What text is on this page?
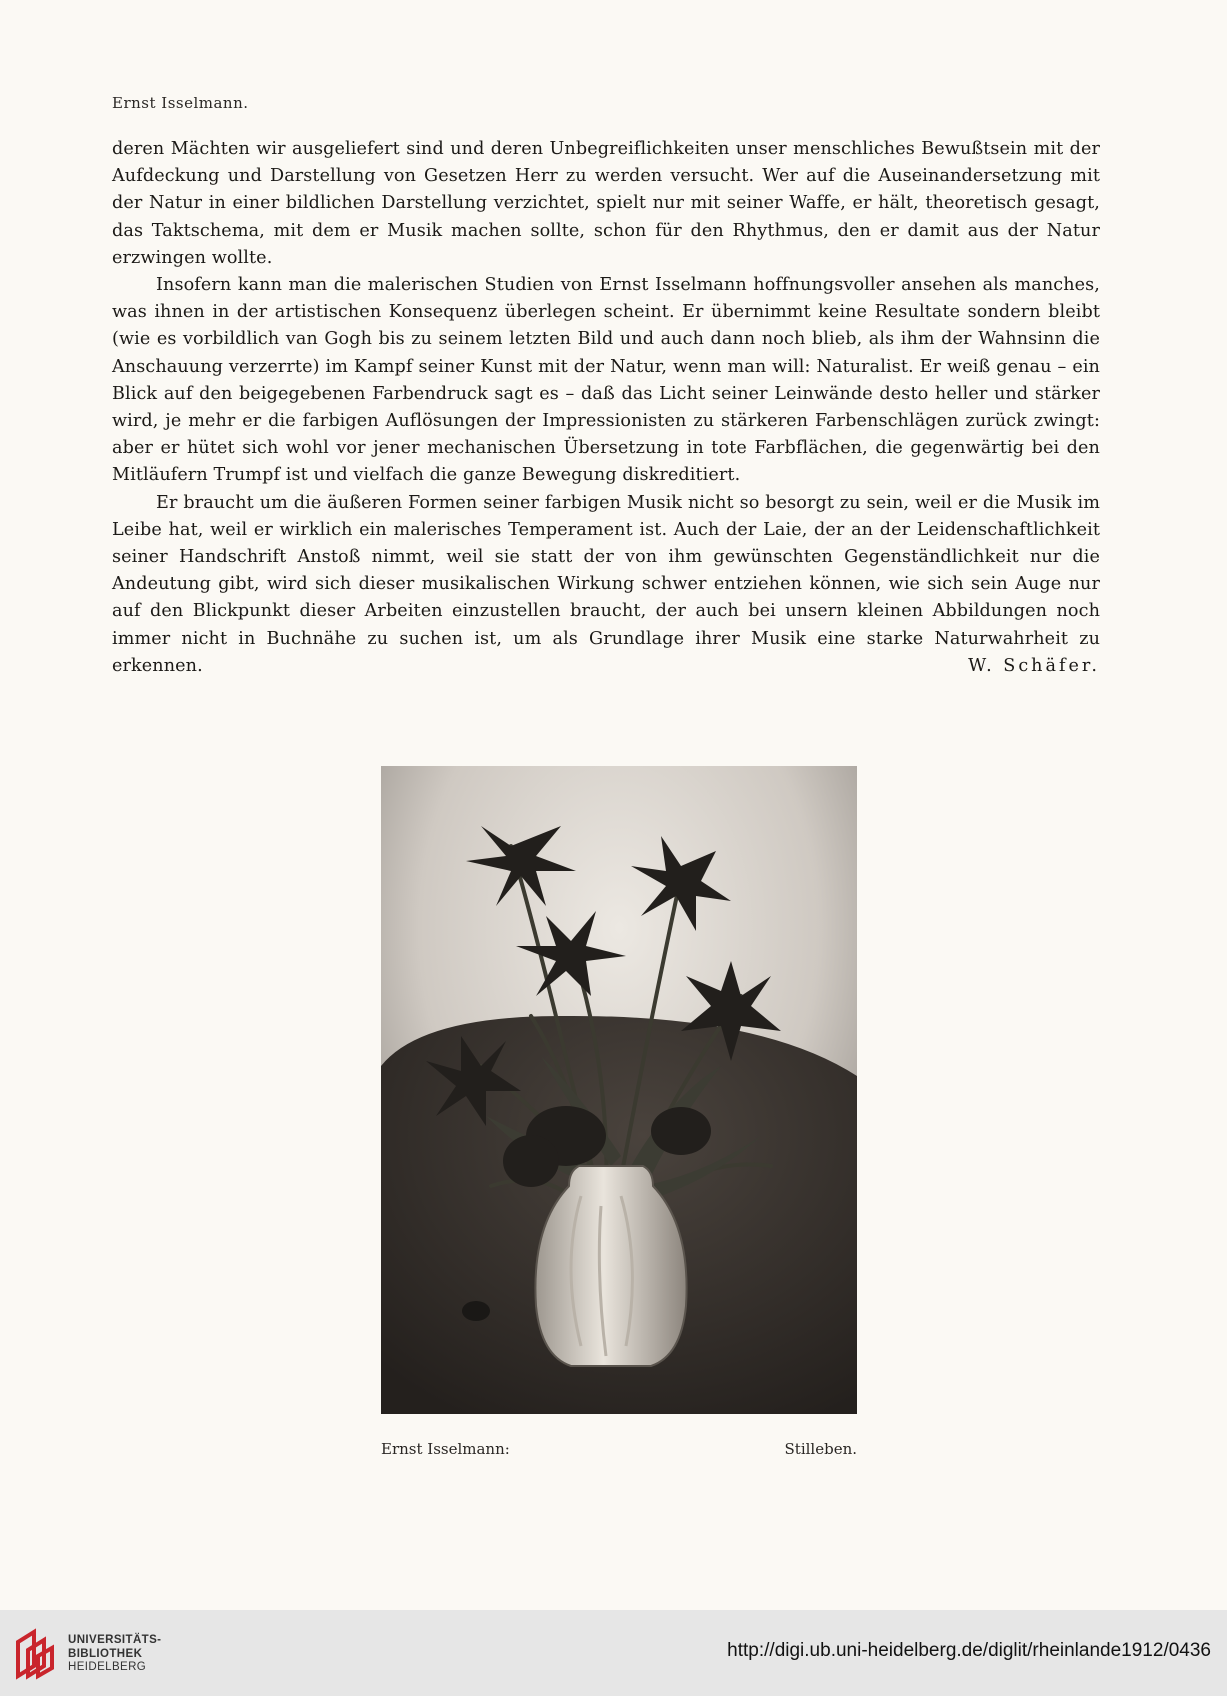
Ernst Isselmann.

deren Mächten wir ausgeliefert sind und deren Unbegreiflichkeiten unser menschliches Bewußtsein mit der Aufdeckung und Darstellung von Gesetzen Herr zu werden versucht. Wer auf die Auseinandersetzung mit der Natur in einer bildlichen Darstellung verzichtet, spielt nur mit seiner Waffe, er hält, theoretisch gesagt, das Taktschema, mit dem er Musik machen sollte, schon für den Rhythmus, den er damit aus der Natur erzwingen wollte.

Insofern kann man die malerischen Studien von Ernst Isselmann hoffnungsvoller ansehen als manches, was ihnen in der artistischen Konsequenz überlegen scheint. Er übernimmt keine Resultate sondern bleibt (wie es vorbildlich van Gogh bis zu seinem letzten Bild und auch dann noch blieb, als ihm der Wahnsinn die Anschauung verzerrte) im Kampf seiner Kunst mit der Natur, wenn man will: Naturalist. Er weiß genau – ein Blick auf den beigegebenen Farbendruck sagt es – daß das Licht seiner Leinwände desto heller und stärker wird, je mehr er die farbigen Auflösungen der Impressionisten zu stärkeren Farbenschlägen zurück zwingt: aber er hütet sich wohl vor jener mechanischen Übersetzung in tote Farbflächen, die gegenwärtig bei den Mitläufern Trumpf ist und vielfach die ganze Bewegung diskreditiert.

Er braucht um die äußeren Formen seiner farbigen Musik nicht so besorgt zu sein, weil er die Musik im Leibe hat, weil er wirklich ein malerisches Temperament ist. Auch der Laie, der an der Leidenschaftlichkeit seiner Handschrift Anstoß nimmt, weil sie statt der von ihm gewünschten Gegenständlichkeit nur die Andeutung gibt, wird sich dieser musikalischen Wirkung schwer entziehen können, wie sich sein Auge nur auf den Blickpunkt dieser Arbeiten einzustellen braucht, der auch bei unsern kleinen Abbildungen noch immer nicht in Buchnähe zu suchen ist, um als Grundlage ihrer Musik eine starke Naturwahrheit zu erkennen.	W. Schäfer.

Ernst Isselmann:	Stilleben.
UNIVERSITÄTS-
BIBLIOTHEK
HEIDELBERG
http://digi.ub.uni-heidelberg.de/diglit/rheinlande1912/0436
